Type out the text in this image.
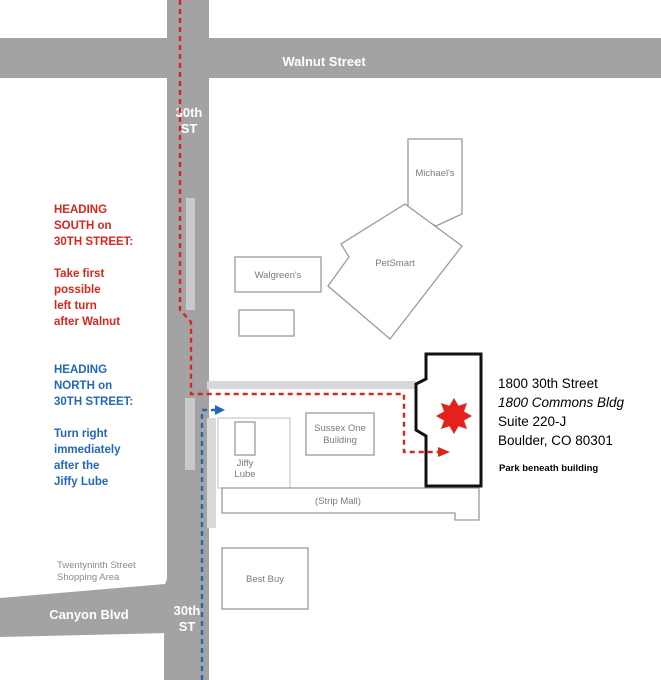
Walnut Street
30th
ST
30th
ST
Canyon Blvd
Michael's
PetSmart
Walgreen's
Jiffy
Lube
Sussex One
Building
(Strip Mall)
Best Buy
Twentyninth Street
Shopping Area
HEADING
SOUTH on
30TH STREET:
Take first
possible
left turn
after Walnut
HEADING
NORTH on
30TH STREET:
Turn right
immediately
after the
Jiffy Lube
1800 30th Street
1800 Commons Bldg
Suite 220-J
Boulder, CO 80301
Park beneath building
